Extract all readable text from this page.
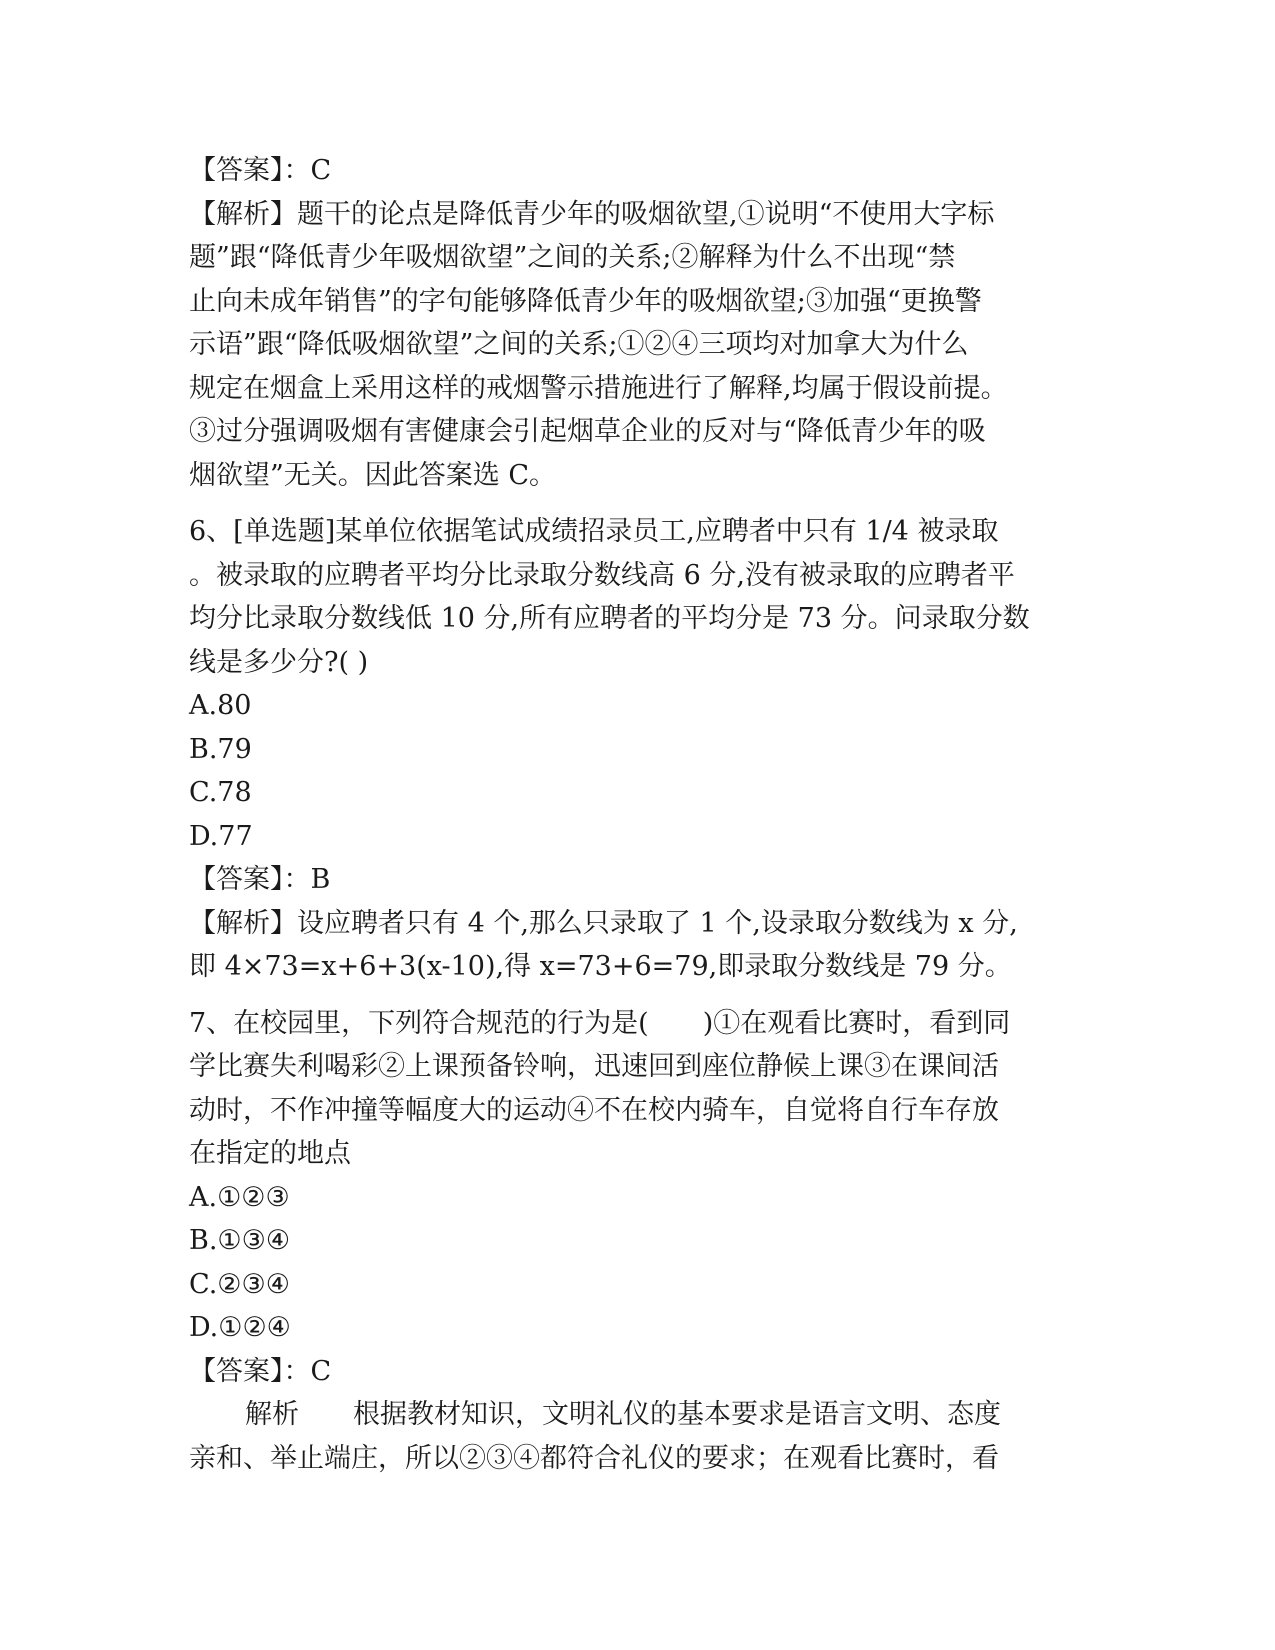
【答案】：C
【解析】题干的论点是降低青少年的吸烟欲望,①说明“不使用大字标
题”跟“降低青少年吸烟欲望”之间的关系;②解释为什么不出现“禁
止向未成年销售”的字句能够降低青少年的吸烟欲望;③加强“更换警
示语”跟“降低吸烟欲望”之间的关系;①②④三项均对加拿大为什么
规定在烟盒上采用这样的戒烟警示措施进行了解释,均属于假设前提。
③过分强调吸烟有害健康会引起烟草企业的反对与“降低青少年的吸
烟欲望”无关。因此答案选 C。
6、[单选题]某单位依据笔试成绩招录员工,应聘者中只有 1/4 被录取
。被录取的应聘者平均分比录取分数线高 6 分,没有被录取的应聘者平
均分比录取分数线低 10 分,所有应聘者的平均分是 73 分。问录取分数
线是多少分?( )
A.80
B.79
C.78
D.77
【答案】：B
【解析】设应聘者只有 4 个,那么只录取了 1 个,设录取分数线为 x 分,
即 4×73=x+6+3(x-10),得 x=73+6=79,即录取分数线是 79 分。
7、在校园里，下列符合规范的行为是(　　)①在观看比赛时，看到同
学比赛失利喝彩②上课预备铃响，迅速回到座位静候上课③在课间活
动时，不作冲撞等幅度大的运动④不在校内骑车，自觉将自行车存放
在指定的地点
A.①②③
B.①③④
C.②③④
D.①②④
【答案】：C
解析 根据教材知识，文明礼仪的基本要求是语言文明、态度
亲和、举止端庄，所以②③④都符合礼仪的要求；在观看比赛时，看
